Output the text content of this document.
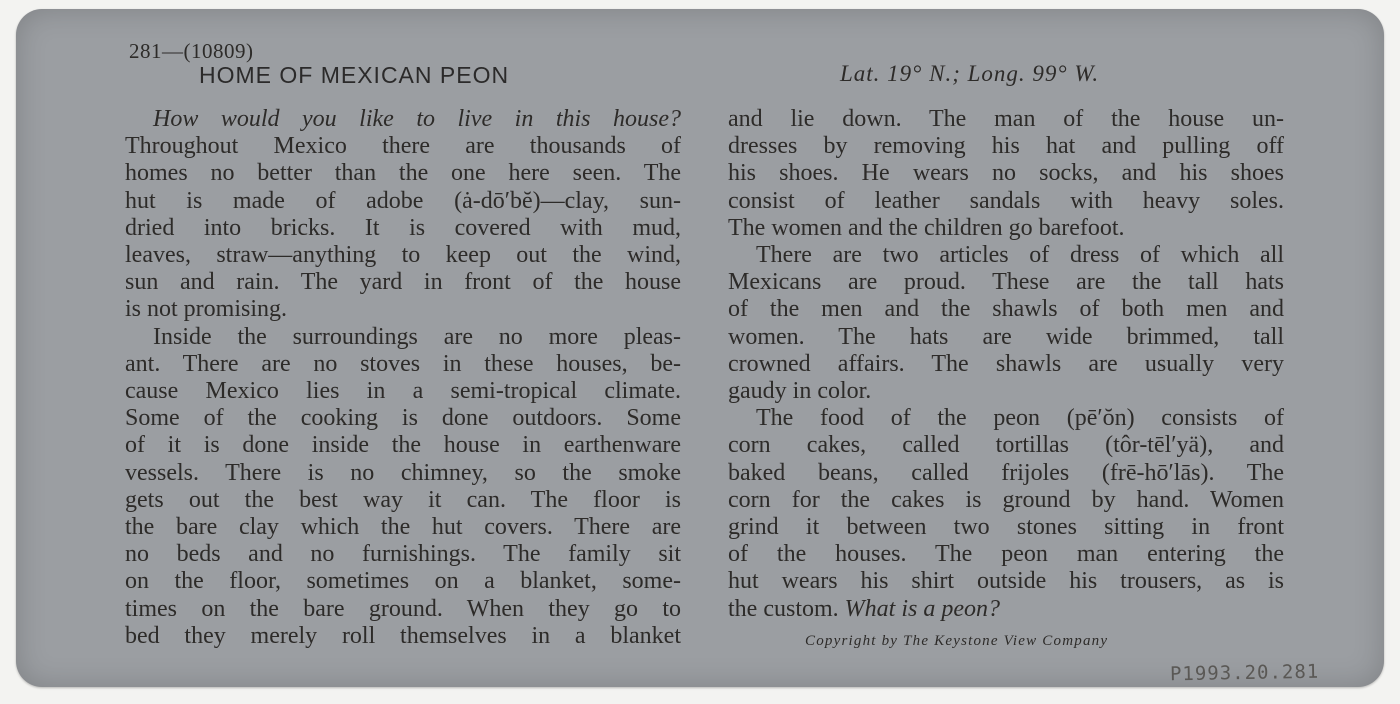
281—(10809)
HOME OF MEXICAN PEON	Lat. 19° N.; Long. 99° W.
How would you like to live in this house?
Throughout Mexico there are thousands of
homes no better than the one here seen. The
hut is made of adobe (ȧ-dō′bĕ)—clay, sun-
dried into bricks. It is covered with mud,
leaves, straw—anything to keep out the wind,
sun and rain. The yard in front of the house
is not promising.
Inside the surroundings are no more pleas-
ant. There are no stoves in these houses, be-
cause Mexico lies in a semi-tropical climate.
Some of the cooking is done outdoors. Some
of it is done inside the house in earthenware
vessels. There is no chimney, so the smoke
gets out the best way it can. The floor is
the bare clay which the hut covers. There are
no beds and no furnishings. The family sit
on the floor, sometimes on a blanket, some-
times on the bare ground. When they go to
bed they merely roll themselves in a blanket
and lie down. The man of the house un-
dresses by removing his hat and pulling off
his shoes. He wears no socks, and his shoes
consist of leather sandals with heavy soles.
The women and the children go barefoot.
There are two articles of dress of which all
Mexicans are proud. These are the tall hats
of the men and the shawls of both men and
women. The hats are wide brimmed, tall
crowned affairs. The shawls are usually very
gaudy in color.
The food of the peon (pē′ŏn) consists of
corn cakes, called tortillas (tôr-tēl′yä), and
baked beans, called frijoles (frē-hō′lās). The
corn for the cakes is ground by hand. Women
grind it between two stones sitting in front
of the houses. The peon man entering the
hut wears his shirt outside his trousers, as is
the custom. What is a peon?
Copyright by The Keystone View Company
P1993.20.281
